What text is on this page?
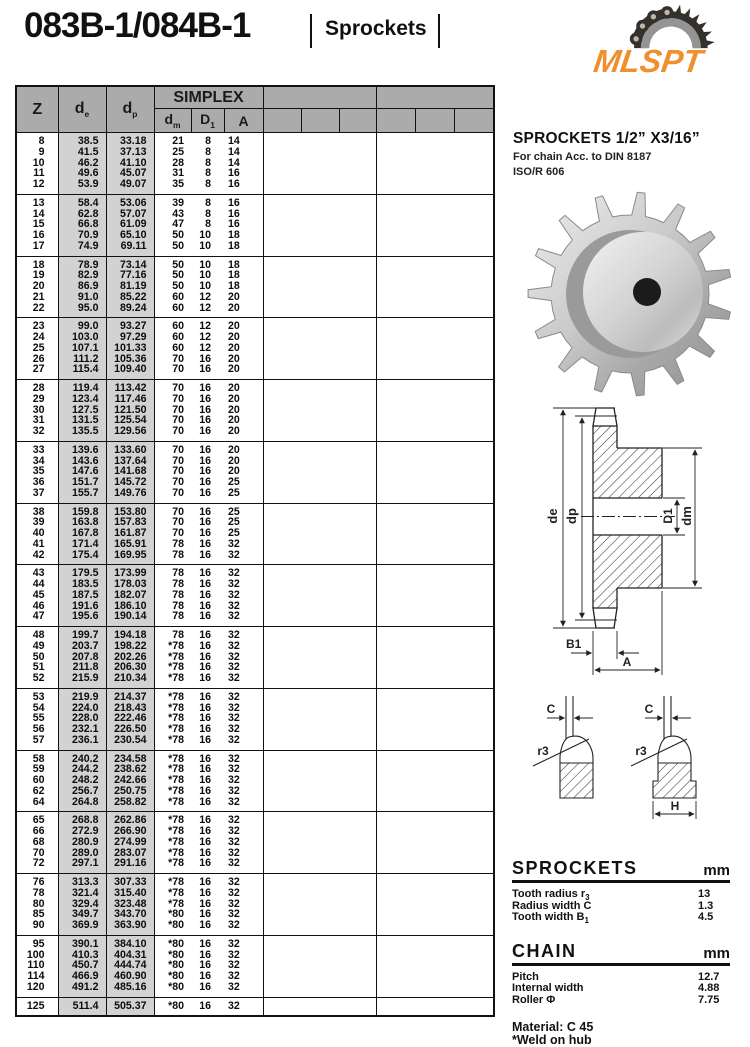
083B-1/084B-1	Sprockets
MLSPT
Z	$d_e$	$d_p$	SIMPLEX								
			$d_m$	$D_1$	A						
8	38.5	33.18	21	8	14						
9	41.5	37.13	25	8	14						
10	46.2	41.10	28	8	14						
11	49.6	45.07	31	8	16						
12	53.9	49.07	35	8	16						
13	58.4	53.06	39	8	16						
14	62.8	57.07	43	8	16						
15	66.8	61.09	47	8	16						
16	70.9	65.10	50	10	18						
17	74.9	69.11	50	10	18						
18	78.9	73.14	50	10	18						
19	82.9	77.16	50	10	18						
20	86.9	81.19	50	10	18						
21	91.0	85.22	60	12	20						
22	95.0	89.24	60	12	20						
23	99.0	93.27	60	12	20						
24	103.0	97.29	60	12	20						
25	107.1	101.33	60	12	20						
26	111.2	105.36	70	16	20						
27	115.4	109.40	70	16	20						
28	119.4	113.42	70	16	20						
29	123.4	117.46	70	16	20						
30	127.5	121.50	70	16	20						
31	131.5	125.54	70	16	20						
32	135.5	129.56	70	16	20						
33	139.6	133.60	70	16	20						
34	143.6	137.64	70	16	20						
35	147.6	141.68	70	16	20						
36	151.7	145.72	70	16	25						
37	155.7	149.76	70	16	25						
38	159.8	153.80	70	16	25						
39	163.8	157.83	70	16	25						
40	167.8	161.87	70	16	25						
41	171.4	165.91	78	16	32						
42	175.4	169.95	78	16	32						
43	179.5	173.99	78	16	32						
44	183.5	178.03	78	16	32						
45	187.5	182.07	78	16	32						
46	191.6	186.10	78	16	32						
47	195.6	190.14	78	16	32						
48	199.7	194.18	78	16	32						
49	203.7	198.22	*78	16	32						
50	207.8	202.26	*78	16	32						
51	211.8	206.30	*78	16	32						
52	215.9	210.34	*78	16	32						
53	219.9	214.37	*78	16	32						
54	224.0	218.43	*78	16	32						
55	228.0	222.46	*78	16	32						
56	232.1	226.50	*78	16	32						
57	236.1	230.54	*78	16	32						
58	240.2	234.58	*78	16	32						
59	244.2	238.62	*78	16	32						
60	248.2	242.66	*78	16	32						
62	256.7	250.75	*78	16	32						
64	264.8	258.82	*78	16	32						
65	268.8	262.86	*78	16	32						
66	272.9	266.90	*78	16	32						
68	280.9	274.99	*78	16	32						
70	289.0	283.07	*78	16	32						
72	297.1	291.16	*78	16	32						
76	313.3	307.33	*78	16	32						
78	321.4	315.40	*78	16	32						
80	329.4	323.48	*78	16	32						
85	349.7	343.70	*80	16	32						
90	369.9	363.90	*80	16	32						
95	390.1	384.10	*80	16	32						
100	410.3	404.31	*80	16	32						
110	450.7	444.74	*80	16	32						
114	466.9	460.90	*80	16	32						
120	491.2	485.16	*80	16	32						
125	511.4	505.37	*80	16	32						
SPROCKETS 1/2” X3/16”
For chain Acc. to DIN 8187
ISO/R 606
de dp	D1 dm
B1
A
C
r3
C
r3
H
SPROCKETS	mm
Tooth radius $r_3$	13
Radius width C	1.3
Tooth width $B_1$	4.5
CHAIN	mm
Pitch	12.7
Internal width	4.88
Roller Φ	7.75
Material: C 45
*Weld on hub
